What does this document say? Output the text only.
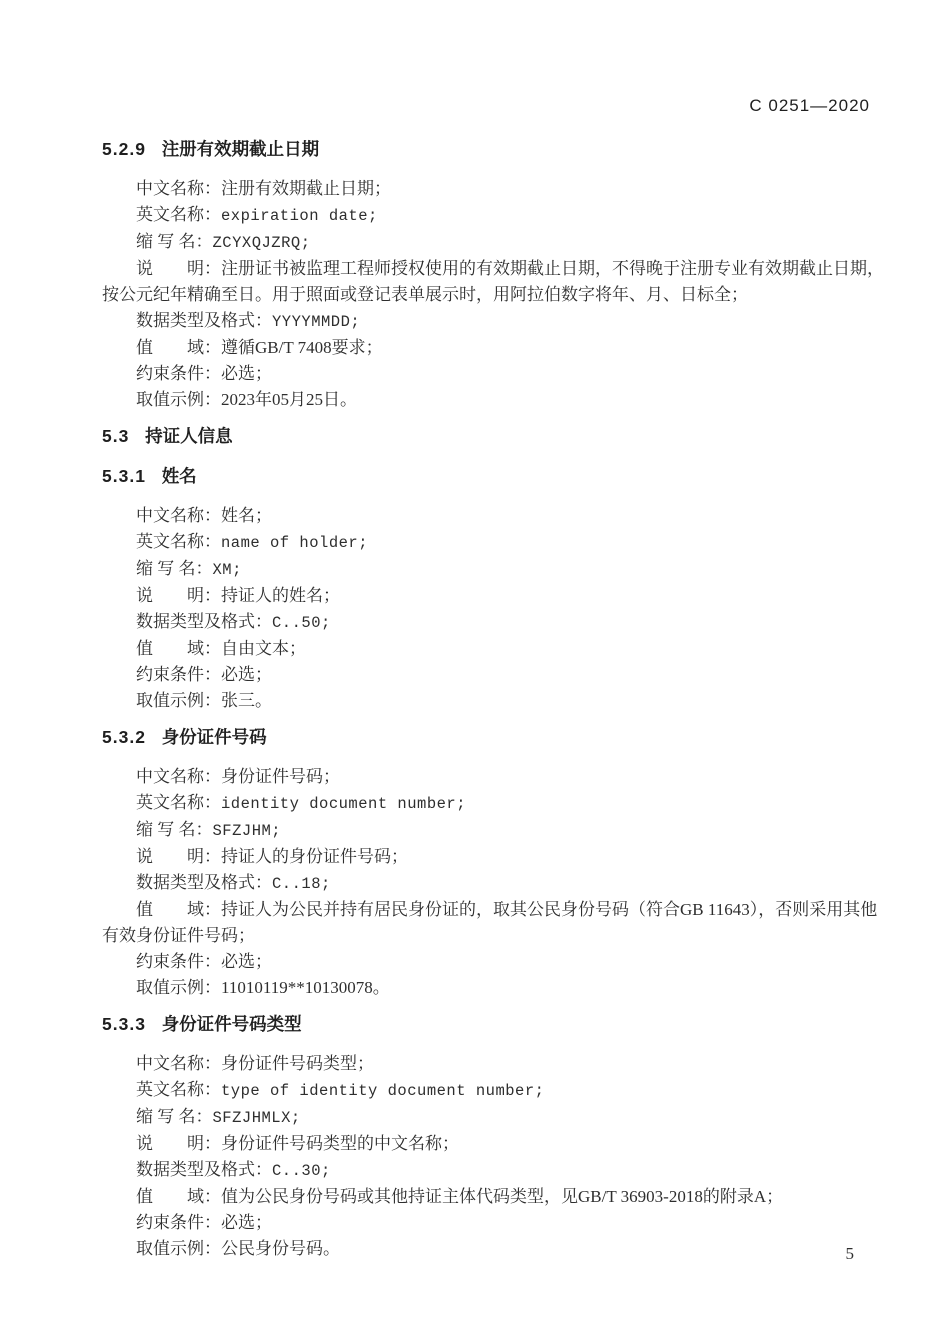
C 0251—2020
5.2.9 注册有效期截止日期

中文名称：注册有效期截止日期；

英文名称：expiration date;

缩 写 名：ZCYXQJZRQ;

说　　明：注册证书被监理工程师授权使用的有效期截止日期，不得晚于注册专业有效期截止日期，按公元纪年精确至日。用于照面或登记表单展示时，用阿拉伯数字将年、月、日标全；

数据类型及格式：YYYYMMDD;

值　　域：遵循GB/T 7408要求；

约束条件：必选；

取值示例：2023年05月25日。

5.3 持证人信息
5.3.1 姓名

中文名称：姓名；

英文名称：name of holder;

缩 写 名：XM;

说　　明：持证人的姓名；

数据类型及格式：C..50;

值　　域：自由文本；

约束条件：必选；

取值示例：张三。

5.3.2 身份证件号码

中文名称：身份证件号码；

英文名称：identity document number;

缩 写 名：SFZJHM;

说　　明：持证人的身份证件号码；

数据类型及格式：C..18;

值　　域：持证人为公民并持有居民身份证的，取其公民身份号码（符合GB 11643），否则采用其他有效身份证件号码；

约束条件：必选；

取值示例：11010119**10130078。

5.3.3 身份证件号码类型

中文名称：身份证件号码类型；

英文名称：type of identity document number;

缩 写 名：SFZJHMLX;

说　　明：身份证件号码类型的中文名称；

数据类型及格式：C..30;

值　　域：值为公民身份号码或其他持证主体代码类型，见GB/T 36903-2018的附录A；

约束条件：必选；

取值示例：公民身份号码。	5
